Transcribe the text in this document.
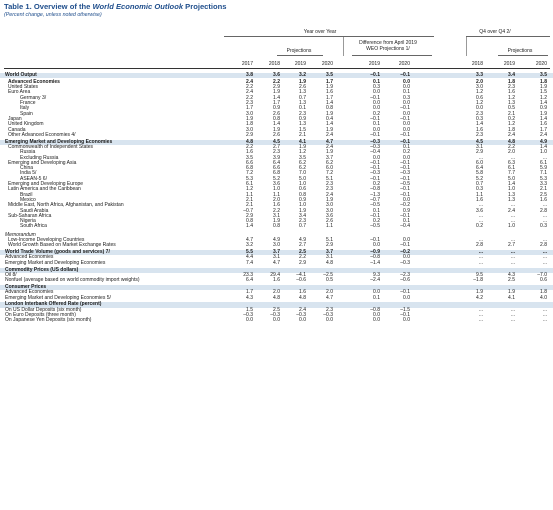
Table 1. Overview of the World Economic Outlook Projections
(Percent change, unless noted otherwise)
Year over Year	Q4 over Q4 2/
Projections	Projections
Difference from April 2019
WEO Projections 1/
2017	2018	2019	2020	2019	2020	2018	2019	2020
World Output	3.8	3.6	3.2	3.5	–0.1	–0.1	3.3	3.4	3.5
Advanced Economies	2.4	2.2	1.9	1.7	0.1	0.0	2.0	1.8	1.8
United States	2.2	2.9	2.6	1.9	0.3	0.0	3.0	2.3	1.9
Euro Area	2.4	1.9	1.3	1.6	0.0	0.1	1.2	1.6	1.5
Germany 3/	2.2	1.4	0.7	1.7	–0.1	0.3	0.6	1.2	1.2
France	2.3	1.7	1.3	1.4	0.0	0.0	1.2	1.3	1.4
Italy	1.7	0.9	0.1	0.8	0.0	–0.1	0.0	0.5	0.9
Spain	3.0	2.6	2.3	1.9	0.2	0.0	2.3	2.1	1.9
Japan	1.9	0.8	0.9	0.4	–0.1	–0.1	0.3	0.2	1.4
United Kingdom	1.8	1.4	1.3	1.4	0.1	0.0	1.4	1.2	1.6
Canada	3.0	1.9	1.5	1.9	0.0	0.0	1.6	1.8	1.7
Other Advanced Economies 4/	2.9	2.6	2.1	2.4	–0.1	–0.1	2.3	2.4	2.4
Emerging Market and Developing Economies	4.8	4.5	4.1	4.7	–0.3	–0.1	4.5	4.8	4.9
Commonwealth of Independent States	2.2	2.7	1.9	2.4	–0.3	0.1	3.1	2.2	1.4
Russia	1.6	2.3	1.2	1.9	–0.4	0.2	2.9	2.0	1.0
Excluding Russia	3.5	3.9	3.5	3.7	0.0	0.0	...	...	...
Emerging and Developing Asia	6.6	6.4	6.2	6.2	–0.1	–0.1	6.0	6.3	6.1
China	6.8	6.6	6.2	6.0	–0.1	–0.1	6.4	6.1	5.9
India 5/	7.2	6.8	7.0	7.2	–0.3	–0.3	5.8	7.7	7.1
ASEAN-5 6/	5.3	5.2	5.0	5.1	–0.1	–0.1	5.2	5.0	5.3
Emerging and Developing Europe	6.1	3.6	1.0	2.3	0.2	–0.5	0.7	1.4	3.3
Latin America and the Caribbean	1.2	1.0	0.6	2.3	–0.8	–0.1	0.3	1.0	2.1
Brazil	1.1	1.1	0.8	2.4	–1.3	–0.1	1.1	1.3	2.5
Mexico	2.1	2.0	0.9	1.9	–0.7	0.0	1.6	1.3	1.6
Middle East, North Africa, Afghanistan, and Pakistan	2.1	1.6	1.0	3.0	–0.5	–0.2	...	...	...
Saudi Arabia	–0.7	2.2	1.9	3.0	0.1	0.9	3.6	2.4	2.8
Sub-Saharan Africa	2.9	3.1	3.4	3.6	–0.1	–0.1	...	...	...
Nigeria	0.8	1.9	2.3	2.6	0.2	0.1	...	...	...
South Africa	1.4	0.8	0.7	1.1	–0.5	–0.4	0.2	1.0	0.3
Memorandum
Low-Income Developing Countries	4.7	4.9	4.9	5.1	–0.1	0.0	...	...	...
World Growth Based on Market Exchange Rates	3.2	3.0	2.7	2.9	0.0	–0.1	2.8	2.7	2.8
World Trade Volume (goods and services) 7/	5.5	3.7	2.5	3.7	–0.9	–0.2	...	...	...
Advanced Economies	4.4	3.1	2.2	3.1	–0.8	0.0	...	...	...
Emerging Market and Developing Economies	7.4	4.7	2.9	4.8	–1.4	–0.3	...	...	...
Commodity Prices (US dollars)
Oil 8/	23.3	29.4	–4.1	–2.5	9.3	–2.3	9.5	4.3	–7.0
Nonfuel (average based on world commodity import weights)	6.4	1.6	–0.6	0.5	–2.4	–0.6	–1.8	2.5	0.6
Consumer Prices
Advanced Economies	1.7	2.0	1.6	2.0	0.0	–0.1	1.9	1.9	1.8
Emerging Market and Developing Economies 5/	4.3	4.8	4.8	4.7	0.1	0.0	4.2	4.1	4.0
London Interbank Offered Rate (percent)
On US Dollar Deposits (six month)	1.5	2.5	2.4	2.3	–0.8	–1.5	...	...	...
On Euro Deposits (three month)	–0.3	–0.3	–0.3	–0.3	0.0	–0.1	...	...	...
On Japanese Yen Deposits (six month)	0.0	0.0	0.0	0.0	0.0	0.0	...	...	...
